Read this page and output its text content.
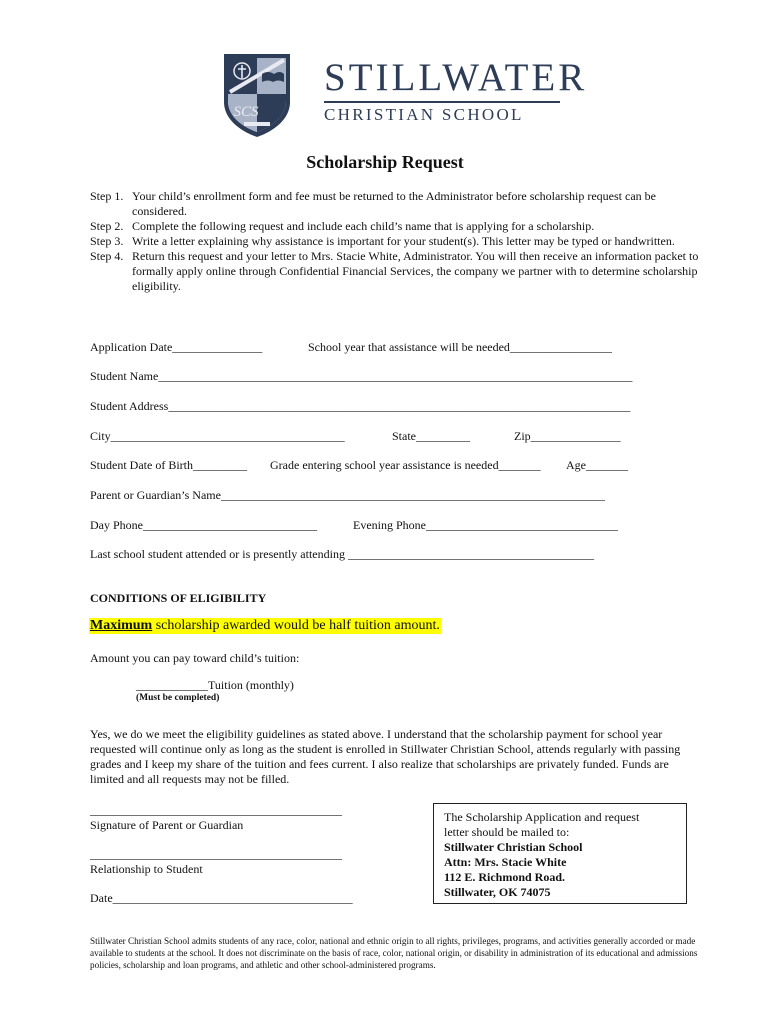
SCS
STILLWATER
CHRISTIAN SCHOOL
Scholarship Request
Step 1. Your child’s enrollment form and fee must be returned to the Administrator before scholarship request can be considered.
Step 2. Complete the following request and include each child’s name that is applying for a scholarship.
Step 3. Write a letter explaining why assistance is important for your student(s). This letter may be typed or handwritten.
Step 4. Return this request and your letter to Mrs. Stacie White, Administrator. You will then receive an information packet to formally apply online through Confidential Financial Services, the company we partner with to determine scholarship eligibility.
Application Date_______________	School year that assistance will be needed_________________
Student Name_______________________________________________________________________________
Student Address_____________________________________________________________________________
City_______________________________________	State_________	Zip_______________
Student Date of Birth_________ Grade entering school year assistance is needed_______ Age_______
Parent or Guardian’s Name________________________________________________________________
Day Phone_____________________________	Evening Phone________________________________
Last school student attended or is presently attending _________________________________________
CONDITIONS OF ELIGIBILITY
Maximum scholarship awarded would be half tuition amount.
Amount you can pay toward child’s tuition:
____________Tuition (monthly)
(Must be completed)
Yes, we do we meet the eligibility guidelines as stated above. I understand that the scholarship payment for school year requested will continue only as long as the student is enrolled in Stillwater Christian School, attends regularly with passing grades and I keep my share of the tuition and fees current. I also realize that scholarships are privately funded. Funds are limited and all requests may not be filled.
__________________________________________
Signature of Parent or Guardian
__________________________________________
Relationship to Student
Date________________________________________
The Scholarship Application and request
letter should be mailed to:
Stillwater Christian School
Attn: Mrs. Stacie White
112 E. Richmond Road.
Stillwater, OK 74075
Stillwater Christian School admits students of any race, color, national and ethnic origin to all rights, privileges, programs, and activities generally accorded or made available to students at the school. It does not discriminate on the basis of race, color, national origin, or disability in administration of its educational and admissions policies, scholarship and loan programs, and athletic and other school-administered programs.
